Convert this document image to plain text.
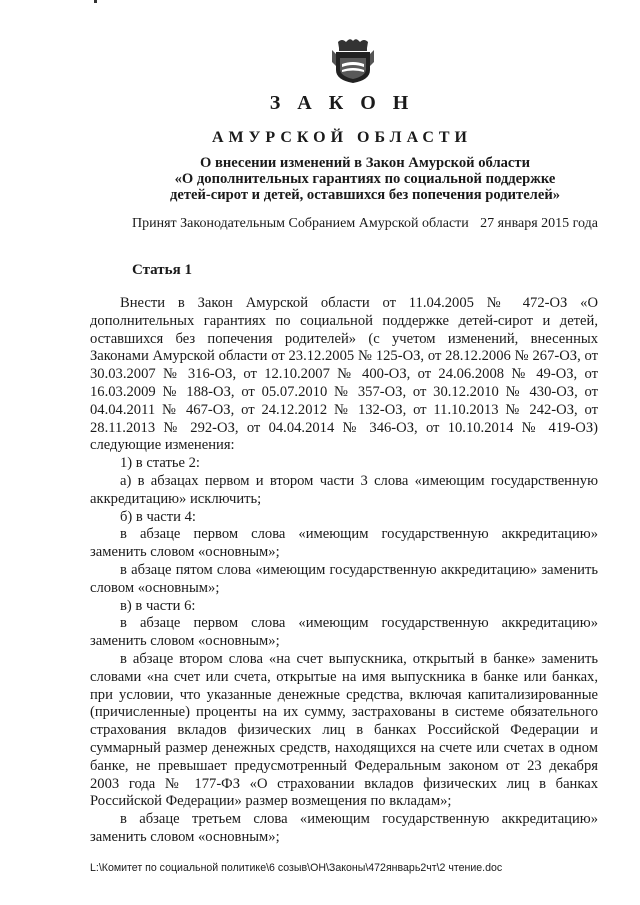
З А К О Н
АМУРСКОЙ ОБЛАСТИ
О внесении изменений в Закон Амурской области
«О дополнительных гарантиях по социальной поддержке
детей-сирот и детей, оставшихся без попечения родителей»
Принят Законодательным Собранием Амурской области 27 января 2015 года
Статья 1

Внести в Закон Амурской области от 11.04.2005 № 472-ОЗ «О дополнительных гарантиях по социальной поддержке детей-сирот и детей, оставшихся без попечения родителей» (с учетом изменений, внесенных Законами Амурской области от 23.12.2005 № 125-ОЗ, от 28.12.2006 № 267-ОЗ, от 30.03.2007 № 316-ОЗ, от 12.10.2007 № 400-ОЗ, от 24.06.2008 № 49-ОЗ, от 16.03.2009 № 188-ОЗ, от 05.07.2010 № 357-ОЗ, от 30.12.2010 № 430-ОЗ, от 04.04.2011 № 467-ОЗ, от 24.12.2012 № 132-ОЗ, от 11.10.2013 № 242-ОЗ, от 28.11.2013 № 292-ОЗ, от 04.04.2014 № 346-ОЗ, от 10.10.2014 № 419-ОЗ) следующие изменения:

1) в статье 2:

а) в абзацах первом и втором части 3 слова «имеющим государственную аккредитацию» исключить;

б) в части 4:

в абзаце первом слова «имеющим государственную аккредитацию» заменить словом «основным»;

в абзаце пятом слова «имеющим государственную аккредитацию» заменить словом «основным»;

в) в части 6:

в абзаце первом слова «имеющим государственную аккредитацию» заменить словом «основным»;

в абзаце втором слова «на счет выпускника, открытый в банке» заменить словами «на счет или счета, открытые на имя выпускника в банке или банках, при условии, что указанные денежные средства, включая капитализированные (причисленные) проценты на их сумму, застрахованы в системе обязательного страхования вкладов физических лиц в банках Российской Федерации и суммарный размер денежных средств, находящихся на счете или счетах в одном банке, не превышает предусмотренный Федеральным законом от 23 декабря 2003 года № 177-ФЗ «О страховании вкладов физических лиц в банках Российской Федерации» размер возмещения по вкладам»;

в абзаце третьем слова «имеющим государственную аккредитацию» заменить словом «основным»;

L:\Комитет по социальной политике\6 созыв\ОН\Законы\472январь2чт\2 чтение.doc
